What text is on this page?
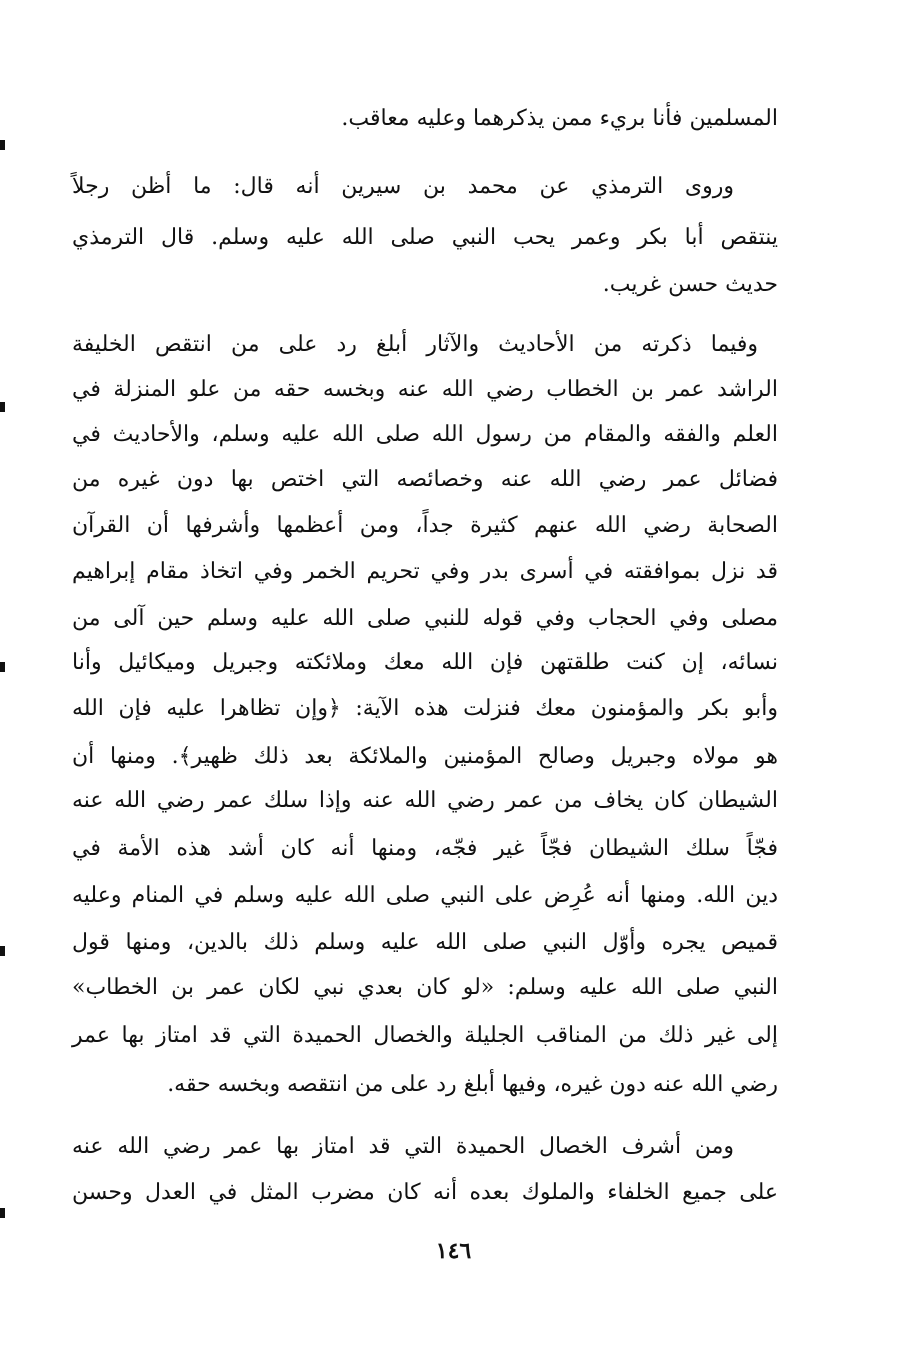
المسلمين فأنا بريء ممن يذكرهما وعليه معاقب.
وروى الترمذي عن محمد بن سيرين أنه قال: ما أظن رجلاً
ينتقص أبا بكر وعمر يحب النبي صلى الله عليه وسلم. قال الترمذي
حديث حسن غريب.
وفيما ذكرته من الأحاديث والآثار أبلغ رد على من انتقص الخليفة
الراشد عمر بن الخطاب رضي الله عنه وبخسه حقه من علو المنزلة في
العلم والفقه والمقام من رسول الله صلى الله عليه وسلم، والأحاديث في
فضائل عمر رضي الله عنه وخصائصه التي اختص بها دون غيره من
الصحابة رضي الله عنهم كثيرة جداً، ومن أعظمها وأشرفها أن القرآن
قد نزل بموافقته في أسرى بدر وفي تحريم الخمر وفي اتخاذ مقام إبراهيم
مصلى وفي الحجاب وفي قوله للنبي صلى الله عليه وسلم حين آلى من
نسائه، إن كنت طلقتهن فإن الله معك وملائكته وجبريل وميكائيل وأنا
وأبو بكر والمؤمنون معك فنزلت هذه الآية: ﴿وإن تظاهرا عليه فإن الله
هو مولاه وجبريل وصالح المؤمنين والملائكة بعد ذلك ظهير﴾. ومنها أن
الشيطان كان يخاف من عمر رضي الله عنه وإذا سلك عمر رضي الله عنه
فجّاً سلك الشيطان فجّاً غير فجّه، ومنها أنه كان أشد هذه الأمة في
دين الله. ومنها أنه عُرِض على النبي صلى الله عليه وسلم في المنام وعليه
قميص يجره وأوّل النبي صلى الله عليه وسلم ذلك بالدين، ومنها قول
النبي صلى الله عليه وسلم: «لو كان بعدي نبي لكان عمر بن الخطاب»
إلى غير ذلك من المناقب الجليلة والخصال الحميدة التي قد امتاز بها عمر
رضي الله عنه دون غيره، وفيها أبلغ رد على من انتقصه وبخسه حقه.
ومن أشرف الخصال الحميدة التي قد امتاز بها عمر رضي الله عنه
على جميع الخلفاء والملوك بعده أنه كان مضرب المثل في العدل وحسن
١٤٦
